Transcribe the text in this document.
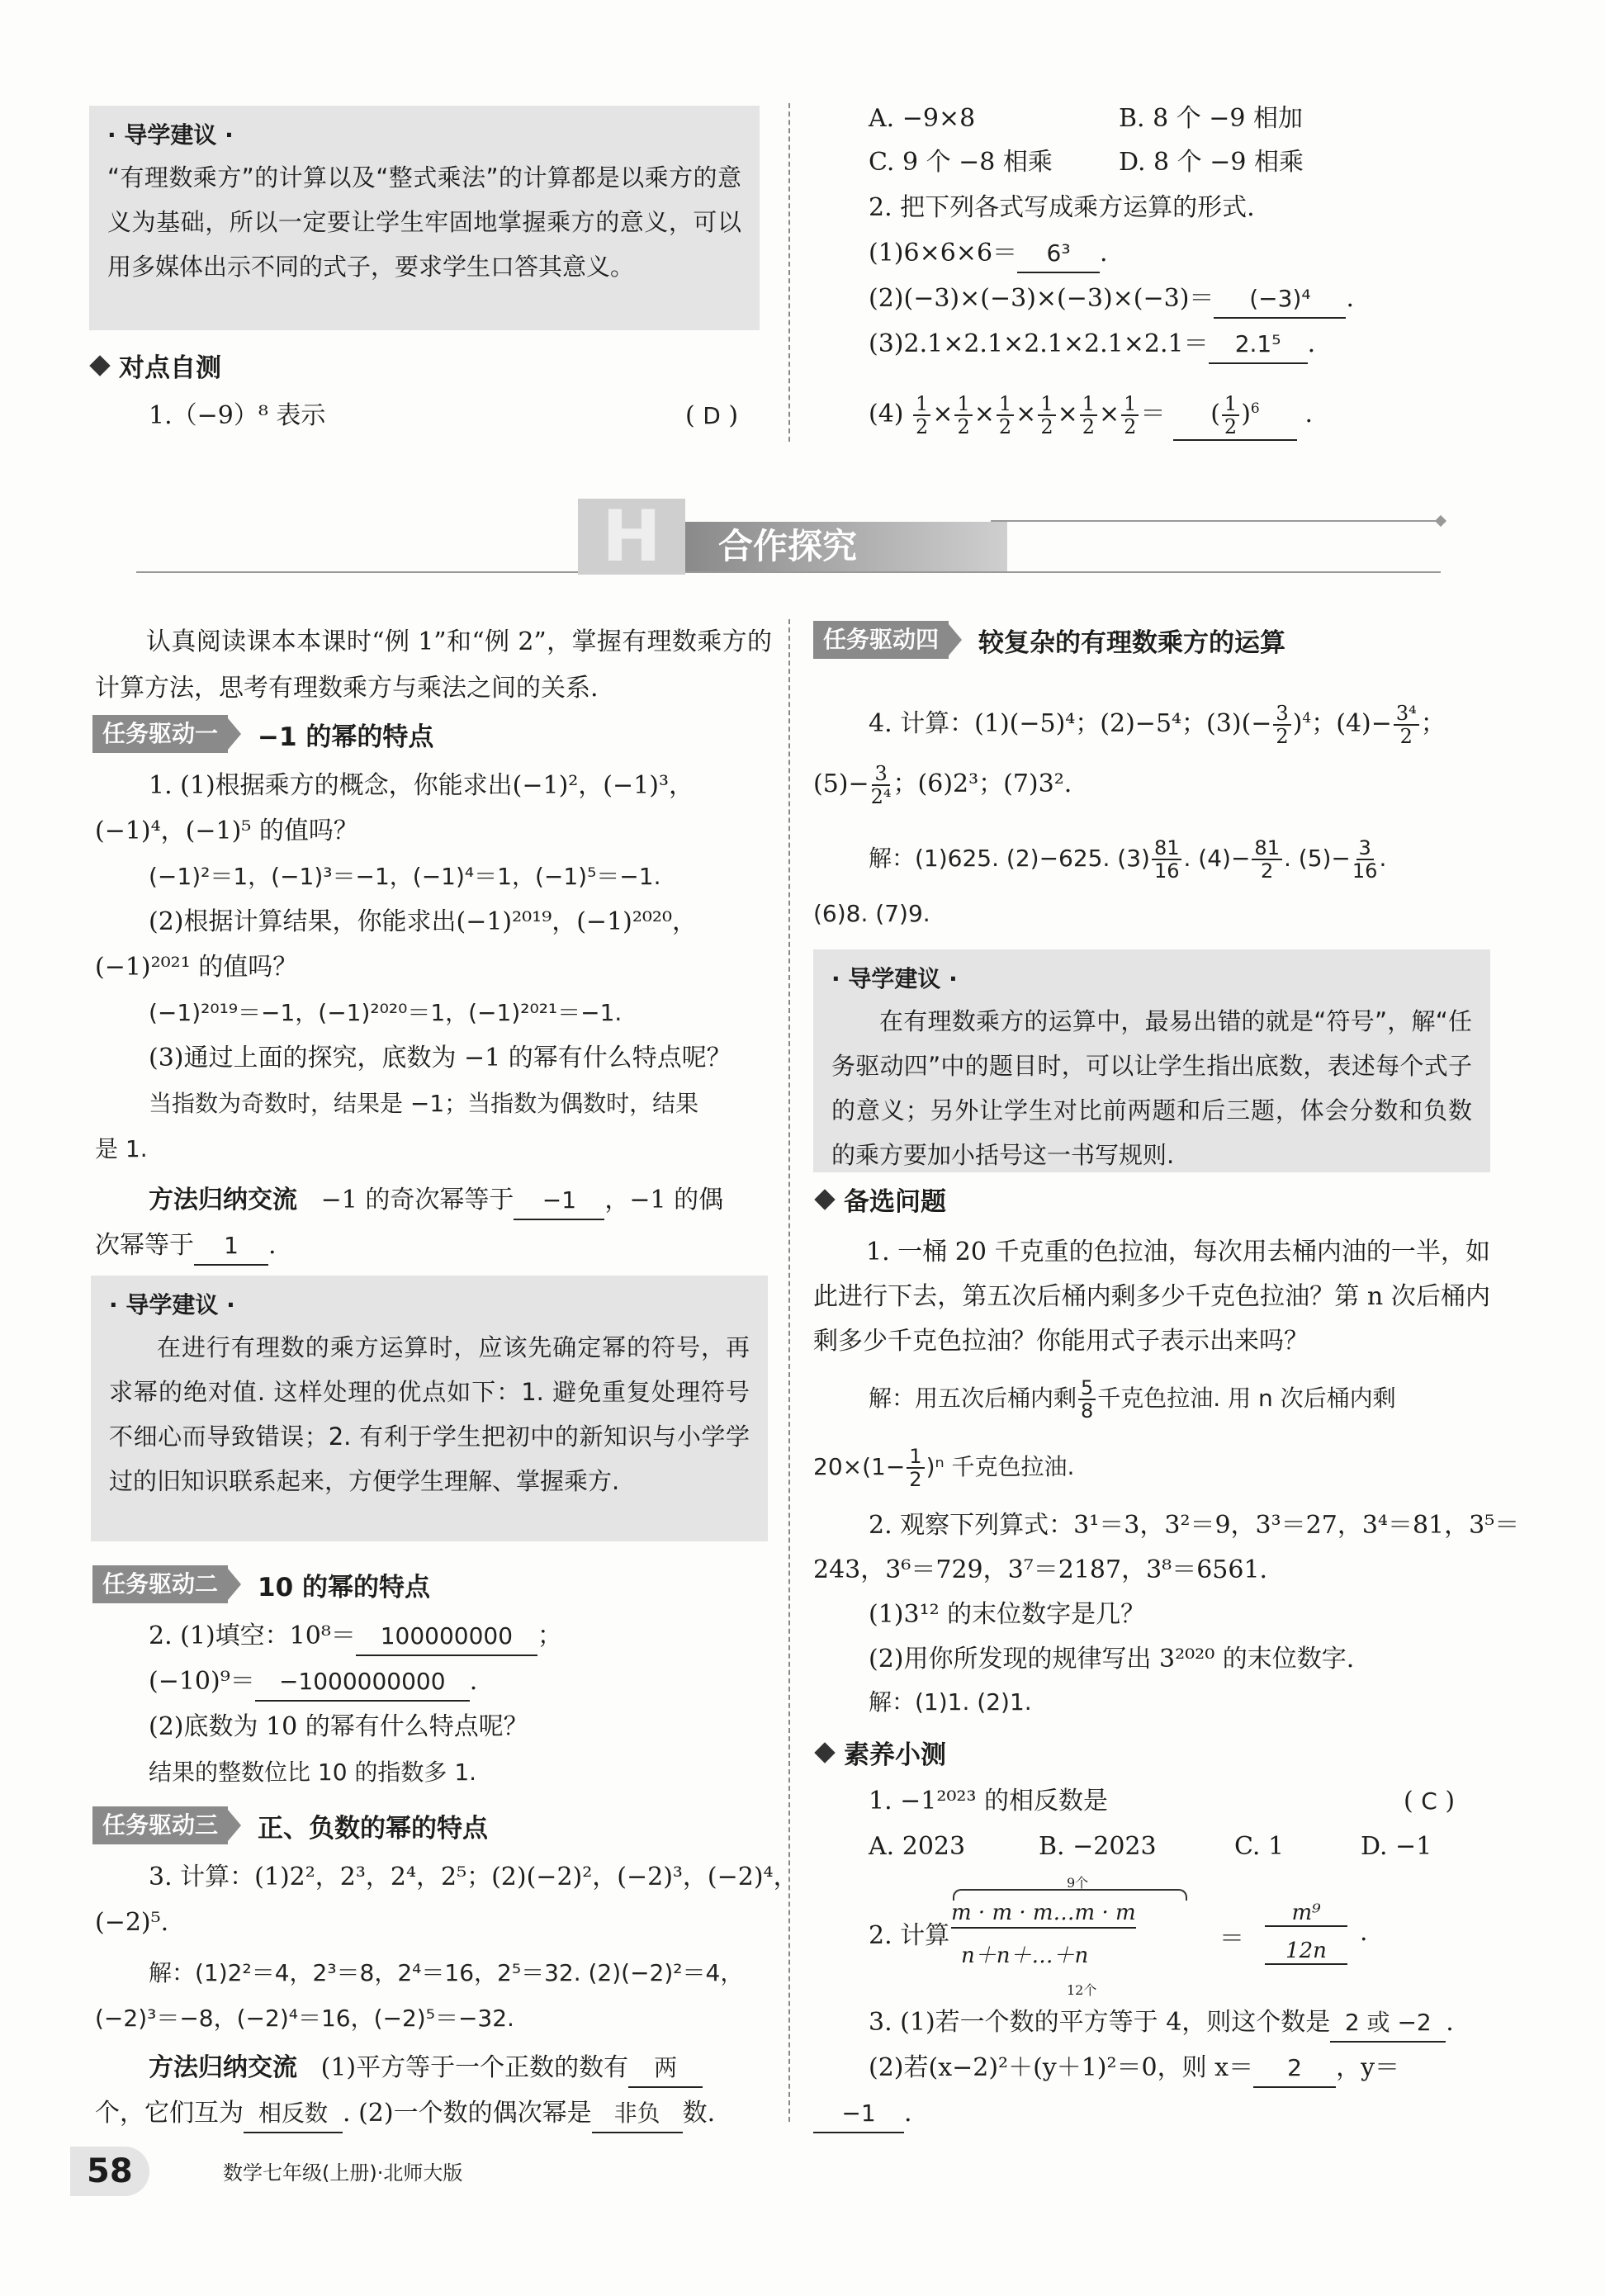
· 导学建议 ·

“有理数乘方”的计算以及“整式乘法”的计算都是以乘方的意义为基础，所以一定要让学生牢固地掌握乘方的意义，可以用多媒体出示不同的式子，要求学生口答其意义。

对点自测
1.（−9）⁸ 表示	( D )
A. −9×8	B. 8 个 −9 相加
C. 9 个 −8 相乘	D. 8 个 −9 相乘
2. 把下列各式写成乘方运算的形式.
(1)6×6×6＝ 6³ .
(2)(−3)×(−3)×(−3)×(−3)＝ (−3)⁴ .
(3)2.1×2.1×2.1×2.1×2.1＝ 2.1⁵ .
$(4) \frac{1}{2} \times \frac{1}{2} \times \frac{1}{2} \times \frac{1}{2} \times \frac{1}{2} \times \frac{1}{2}$ ＝ ( $\frac{1}{2} )^6$ .
H	合作探究
认真阅读课本本课时“例 1”和“例 2”，掌握有理数乘方的计算方法，思考有理数乘方与乘法之间的关系.
任务驱动一	−1 的幂的特点
1. (1)根据乘方的概念，你能求出(−1)²，(−1)³，
(−1)⁴，(−1)⁵ 的值吗？
(−1)²＝1，(−1)³＝−1，(−1)⁴＝1，(−1)⁵＝−1.
(2)根据计算结果，你能求出(−1)²⁰¹⁹，(−1)²⁰²⁰，
(−1)²⁰²¹ 的值吗？
(−1)²⁰¹⁹＝−1，(−1)²⁰²⁰＝1，(−1)²⁰²¹＝−1.
(3)通过上面的探究，底数为 −1 的幂有什么特点呢？
当指数为奇数时，结果是 −1；当指数为偶数时，结果
是 1.
方法归纳交流 −1 的奇次幂等于 −1 ，−1 的偶
次幂等于 1 .
· 导学建议 ·

在进行有理数的乘方运算时，应该先确定幂的符号，再求幂的绝对值. 这样处理的优点如下：1. 避免重复处理符号不细心而导致错误；2. 有利于学生把初中的新知识与小学学过的旧知识联系起来，方便学生理解、掌握乘方.

任务驱动二	10 的幂的特点
2. (1)填空：10⁸＝ 100000000 ；
(−10)⁹＝ −1000000000 .
(2)底数为 10 的幂有什么特点呢？
结果的整数位比 10 的指数多 1.
任务驱动三	正、负数的幂的特点
3. 计算：(1)2²，2³，2⁴，2⁵；(2)(−2)²，(−2)³，(−2)⁴，
(−2)⁵.
解：(1)2²＝4，2³＝8，2⁴＝16，2⁵＝32. (2)(−2)²＝4，
(−2)³＝−8，(−2)⁴＝16，(−2)⁵＝−32.
方法归纳交流 (1)平方等于一个正数的数有 两
个，它们互为 相反数 . (2)一个数的偶次幂是 非负 数.
任务驱动四	较复杂的有理数乘方的运算
4. 计算：(1)(−5)⁴；(2)−5⁴；$(3)(- \frac{3}{2} )^4$；$(4)- \frac{\text{3⁴}}{2}$ ；
$(5)- \frac{3}{\text{2⁴}}$ ；(6)2³；(7)3².
解：(1)625. (2)−625. $(3) \frac{81}{16}$ . $(4)- \frac{81}{2}$ . $(5)- \frac{3}{16}$ .
(6)8. (7)9.
· 导学建议 ·

在有理数乘方的运算中，最易出错的就是“符号”，解“任务驱动四”中的题目时，可以让学生指出底数，表述每个式子的意义；另外让学生对比前两题和后三题，体会分数和负数的乘方要加小括号这一书写规则.

备选问题
1. 一桶 20 千克重的色拉油，每次用去桶内油的一半，如此进行下去，第五次后桶内剩多少千克色拉油？第 n 次后桶内剩多少千克色拉油？你能用式子表示出来吗？
解：用五次后桶内剩 $\frac{5}{8}$ 千克色拉油. 用 n 次后桶内剩
$20\times(1- \frac{1}{2} )^n$ 千克色拉油.
2. 观察下列算式：3¹＝3，3²＝9，3³＝27，3⁴＝81，3⁵＝
243，3⁶＝729，3⁷＝2187，3⁸＝6561.
(1)3¹² 的末位数字是几？
(2)用你所发现的规律写出 3²⁰²⁰ 的末位数字.
解：(1)1. (2)1.
素养小测
1. −1²⁰²³ 的相反数是	( C )
A. 2023	B. −2023	C. 1	D. −1
2. 计算
9个
m · m · m…m · m
n＋n＋…＋n
12个
＝
m⁹
12n
.
3. (1)若一个数的平方等于 4，则这个数是 2 或 −2 .
(2)若(x−2)²＋(y＋1)²＝0，则 x＝ 2 ，y＝
−1 .
58	数学七年级(上册)·北师大版
